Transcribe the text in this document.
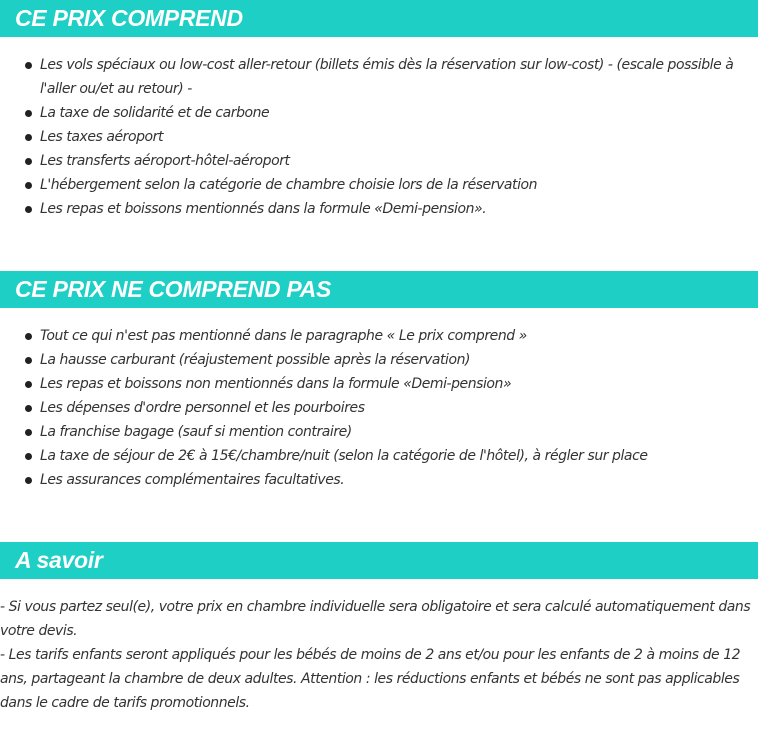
CE PRIX COMPREND
Les vols spéciaux ou low-cost aller-retour (billets émis dès la réservation sur low-cost) - (escale possible à l'aller ou/et au retour) -
La taxe de solidarité et de carbone
Les taxes aéroport
Les transferts aéroport-hôtel-aéroport
L'hébergement selon la catégorie de chambre choisie lors de la réservation
Les repas et boissons mentionnés dans la formule «Demi-pension».
CE PRIX NE COMPREND PAS
Tout ce qui n'est pas mentionné dans le paragraphe « Le prix comprend »
La hausse carburant (réajustement possible après la réservation)
Les repas et boissons non mentionnés dans la formule «Demi-pension»
Les dépenses d'ordre personnel et les pourboires
La franchise bagage (sauf si mention contraire)
La taxe de séjour de 2€ à 15€/chambre/nuit (selon la catégorie de l'hôtel), à régler sur place
Les assurances complémentaires facultatives.
A savoir

- Si vous partez seul(e), votre prix en chambre individuelle sera obligatoire et sera calculé automatiquement dans votre devis.
- Les tarifs enfants seront appliqués pour les bébés de moins de 2 ans et/ou pour les enfants de 2 à moins de 12 ans, partageant la chambre de deux adultes. Attention : les réductions enfants et bébés ne sont pas applicables dans le cadre de tarifs promotionnels.
